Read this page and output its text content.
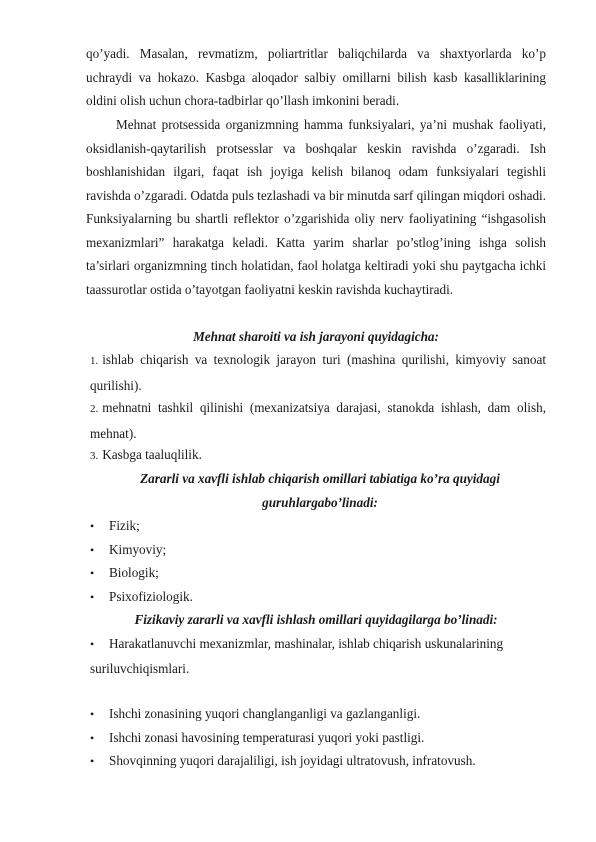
qo’yadi. Masalan, revmatizm, poliartritlar baliqchilarda va shaxtyorlarda ko’p uchraydi va hokazo. Kasbga aloqador salbiy omillarni bilish kasb kasalliklarining oldini olish uchun chora-tadbirlar qo’llash imkonini beradi.

Mehnat protsessida organizmning hamma funksiyalari, ya’ni mushak faoliyati, oksidlanish-qaytarilish protsesslar va boshqalar keskin ravishda o’zgaradi. Ish boshlanishidan ilgari, faqat ish joyiga kelish bilanoq odam funksiyalari tegishli ravishda o’zgaradi. Odatda puls tezlashadi va bir minutda sarf qilingan miqdori oshadi. Funksiyalarning bu shartli reflektor o’zgarishida oliy nerv faoliyatining “ishgasolish mexanizmlari” harakatga keladi. Katta yarim sharlar po’stlog’ining ishga solish ta’sirlari organizmning tinch holatidan, faol holatga keltiradi yoki shu paytgacha ichki taassurotlar ostida o’tayotgan faoliyatni keskin ravishda kuchaytiradi.

Mehnat sharoiti va ish jarayoni quyidagicha:

1. ishlab chiqarish va texnologik jarayon turi (mashina qurilishi, kimyoviy sanoat qurilishi).
2. mehnatni tashkil qilinishi (mexanizatsiya darajasi, stanokda ishlash, dam olish, mehnat).
3. Kasbga taaluqlilik.

Zararli va xavfli ishlab chiqarish omillari tabiatiga ko’ra quyidagi guruhlargabo’linadi:

• Fizik;
• Kimyoviy;
• Biologik;
• Psixofiziologik.

Fizikaviy zararli va xavfli ishlash omillari quyidagilarga bo’linadi:

• Harakatlanuvchi mexanizmlar, mashinalar, ishlab chiqarish uskunalarining suriluvchiqismlari.
• Ishchi zonasining yuqori changlanganligi va gazlanganligi.
• Ishchi zonasi havosining temperaturasi yuqori yoki pastligi.
• Shovqinning yuqori darajaliligi, ish joyidagi ultratovush, infratovush.
